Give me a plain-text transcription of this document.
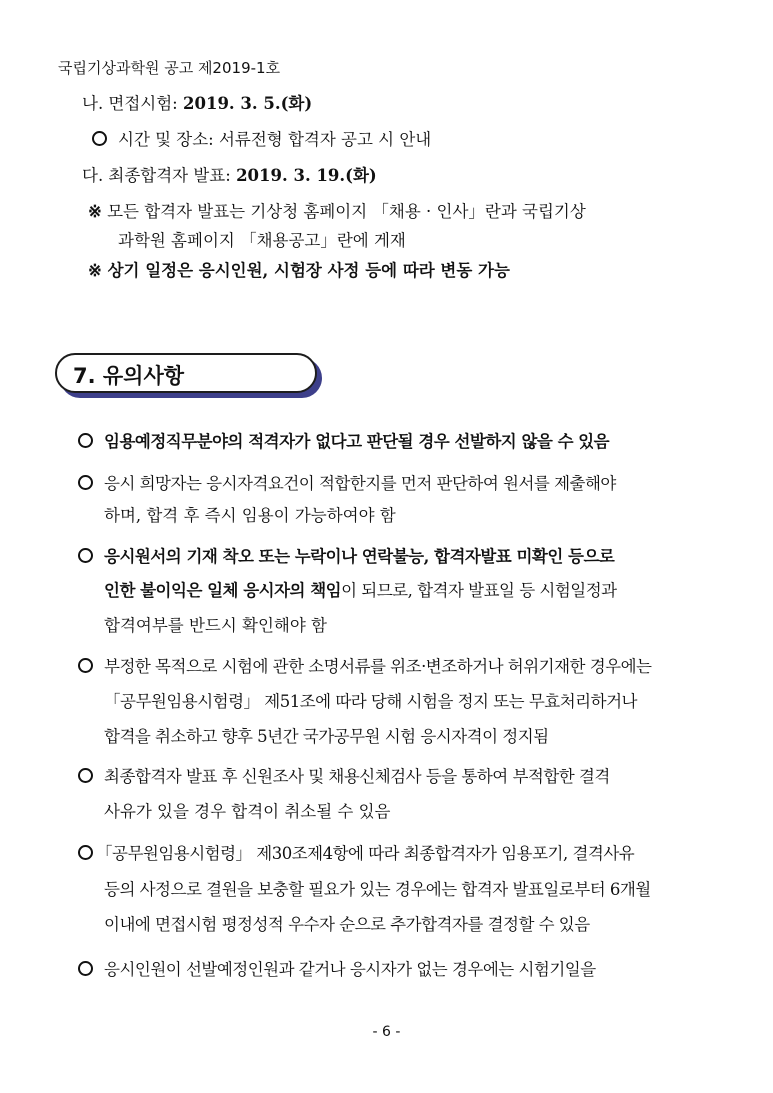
국립기상과학원 공고 제2019-1호
나. 면접시험: 2019. 3. 5.(화)
시간 및 장소: 서류전형 합격자 공고 시 안내
다. 최종합격자 발표: 2019. 3. 19.(화)
※ 모든 합격자 발표는 기상청 홈페이지 「채용 · 인사」란과 국립기상
과학원 홈페이지 「채용공고」란에 게재
※ 상기 일정은 응시인원, 시험장 사정 등에 따라 변동 가능
7. 유의사항
임용예정직무분야의 적격자가 없다고 판단될 경우 선발하지 않을 수 있음
응시 희망자는 응시자격요건이 적합한지를 먼저 판단하여 원서를 제출해야
하며, 합격 후 즉시 임용이 가능하여야 함
응시원서의 기재 착오 또는 누락이나 연락불능, 합격자발표 미확인 등으로
인한 불이익은 일체 응시자의 책임이 되므로, 합격자 발표일 등 시험일정과
합격여부를 반드시 확인해야 함
부정한 목적으로 시험에 관한 소명서류를 위조·변조하거나 허위기재한 경우에는
「공무원임용시험령」 제51조에 따라 당해 시험을 정지 또는 무효처리하거나
합격을 취소하고 향후 5년간 국가공무원 시험 응시자격이 정지됨
최종합격자 발표 후 신원조사 및 채용신체검사 등을 통하여 부적합한 결격
사유가 있을 경우 합격이 취소될 수 있음
「공무원임용시험령」 제30조제4항에 따라 최종합격자가 임용포기, 결격사유
등의 사정으로 결원을 보충할 필요가 있는 경우에는 합격자 발표일로부터 6개월
이내에 면접시험 평정성적 우수자 순으로 추가합격자를 결정할 수 있음
응시인원이 선발예정인원과 같거나 응시자가 없는 경우에는 시험기일을
- 6 -
